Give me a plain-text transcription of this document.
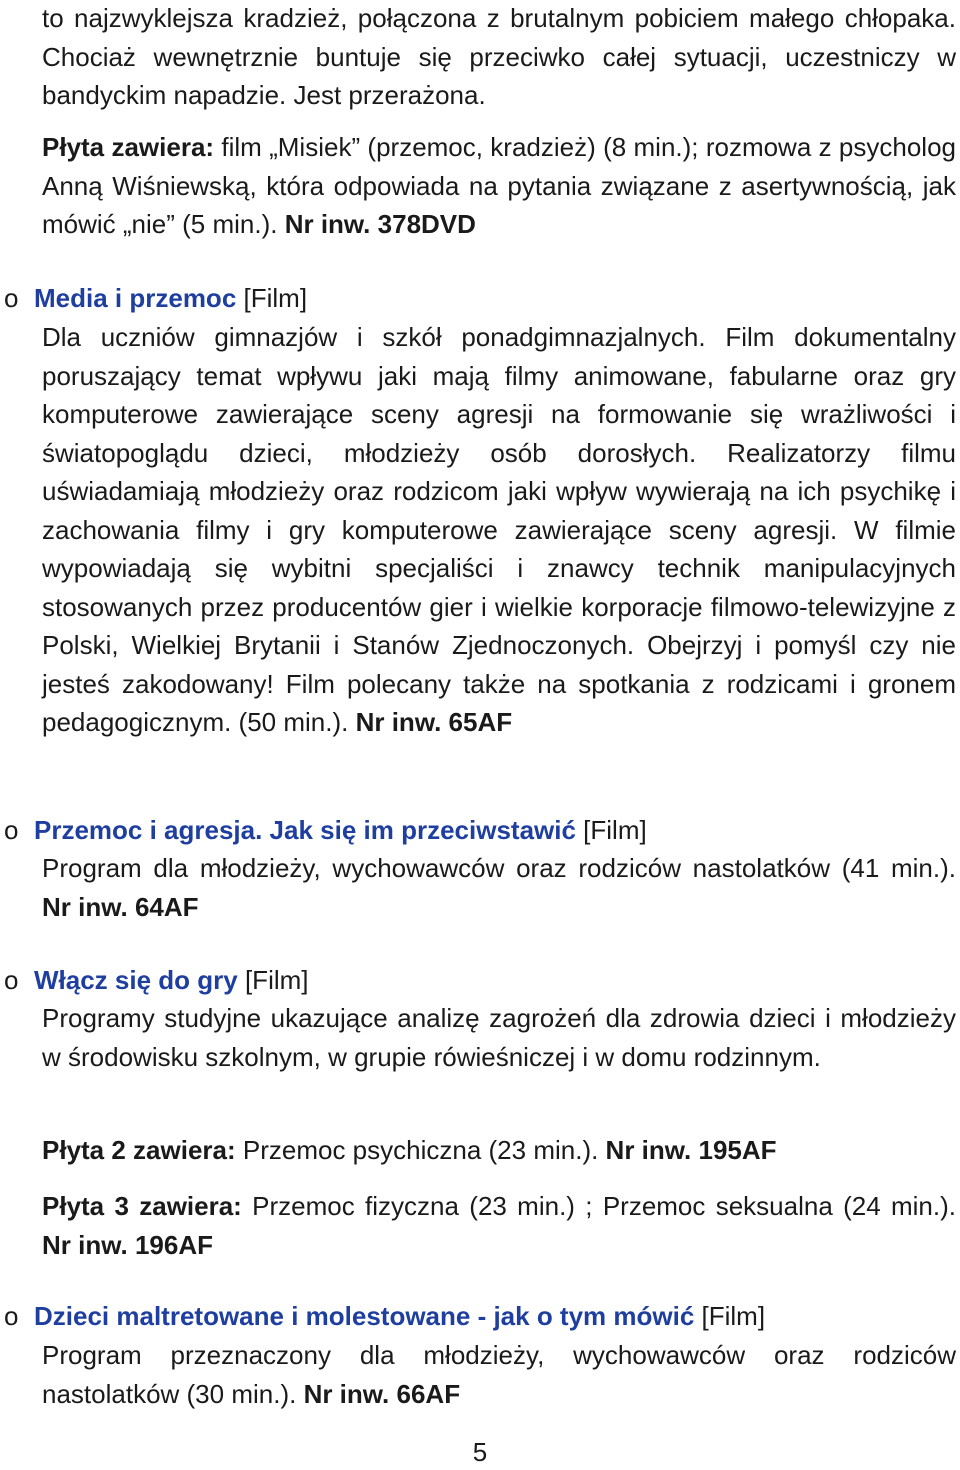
to najzwyklejsza kradzież, połączona z brutalnym pobiciem małego chłopaka. Chociaż wewnętrznie buntuje się przeciwko całej sytuacji, uczestniczy w bandyckim napadzie. Jest przerażona.

Płyta zawiera: film „Misiek” (przemoc, kradzież) (8 min.); rozmowa z psycholog Anną Wiśniewską, która odpowiada na pytania związane z asertywnością, jak mówić „nie” (5 min.). Nr inw. 378DVD

o Media i przemoc [Film]

Dla uczniów gimnazjów i szkół ponadgimnazjalnych. Film dokumentalny poruszający temat wpływu jaki mają filmy animowane, fabularne oraz gry komputerowe zawierające sceny agresji na formowanie się wrażliwości i światopoglądu dzieci, młodzieży osób dorosłych. Realizatorzy filmu uświadamiają młodzieży oraz rodzicom jaki wpływ wywierają na ich psychikę i zachowania filmy i gry komputerowe zawierające sceny agresji. W filmie wypowiadają się wybitni specjaliści i znawcy technik manipulacyjnych stosowanych przez producentów gier i wielkie korporacje filmowo-telewizyjne z Polski, Wielkiej Brytanii i Stanów Zjednoczonych. Obejrzyj i pomyśl czy nie jesteś zakodowany! Film polecany także na spotkania z rodzicami i gronem pedagogicznym. (50 min.). Nr inw. 65AF

o Przemoc i agresja. Jak się im przeciwstawić [Film]

Program dla młodzieży, wychowawców oraz rodziców nastolatków (41 min.). Nr inw. 64AF

o Włącz się do gry [Film]

Programy studyjne ukazujące analizę zagrożeń dla zdrowia dzieci i młodzieży w środowisku szkolnym, w grupie rówieśniczej i w domu rodzinnym.

Płyta 2 zawiera: Przemoc psychiczna (23 min.). Nr inw. 195AF

Płyta 3 zawiera: Przemoc fizyczna (23 min.) ; Przemoc seksualna (24 min.). Nr inw. 196AF

o Dzieci maltretowane i molestowane - jak o tym mówić [Film]

Program przeznaczony dla młodzieży, wychowawców oraz rodziców nastolatków (30 min.). Nr inw. 66AF

5
